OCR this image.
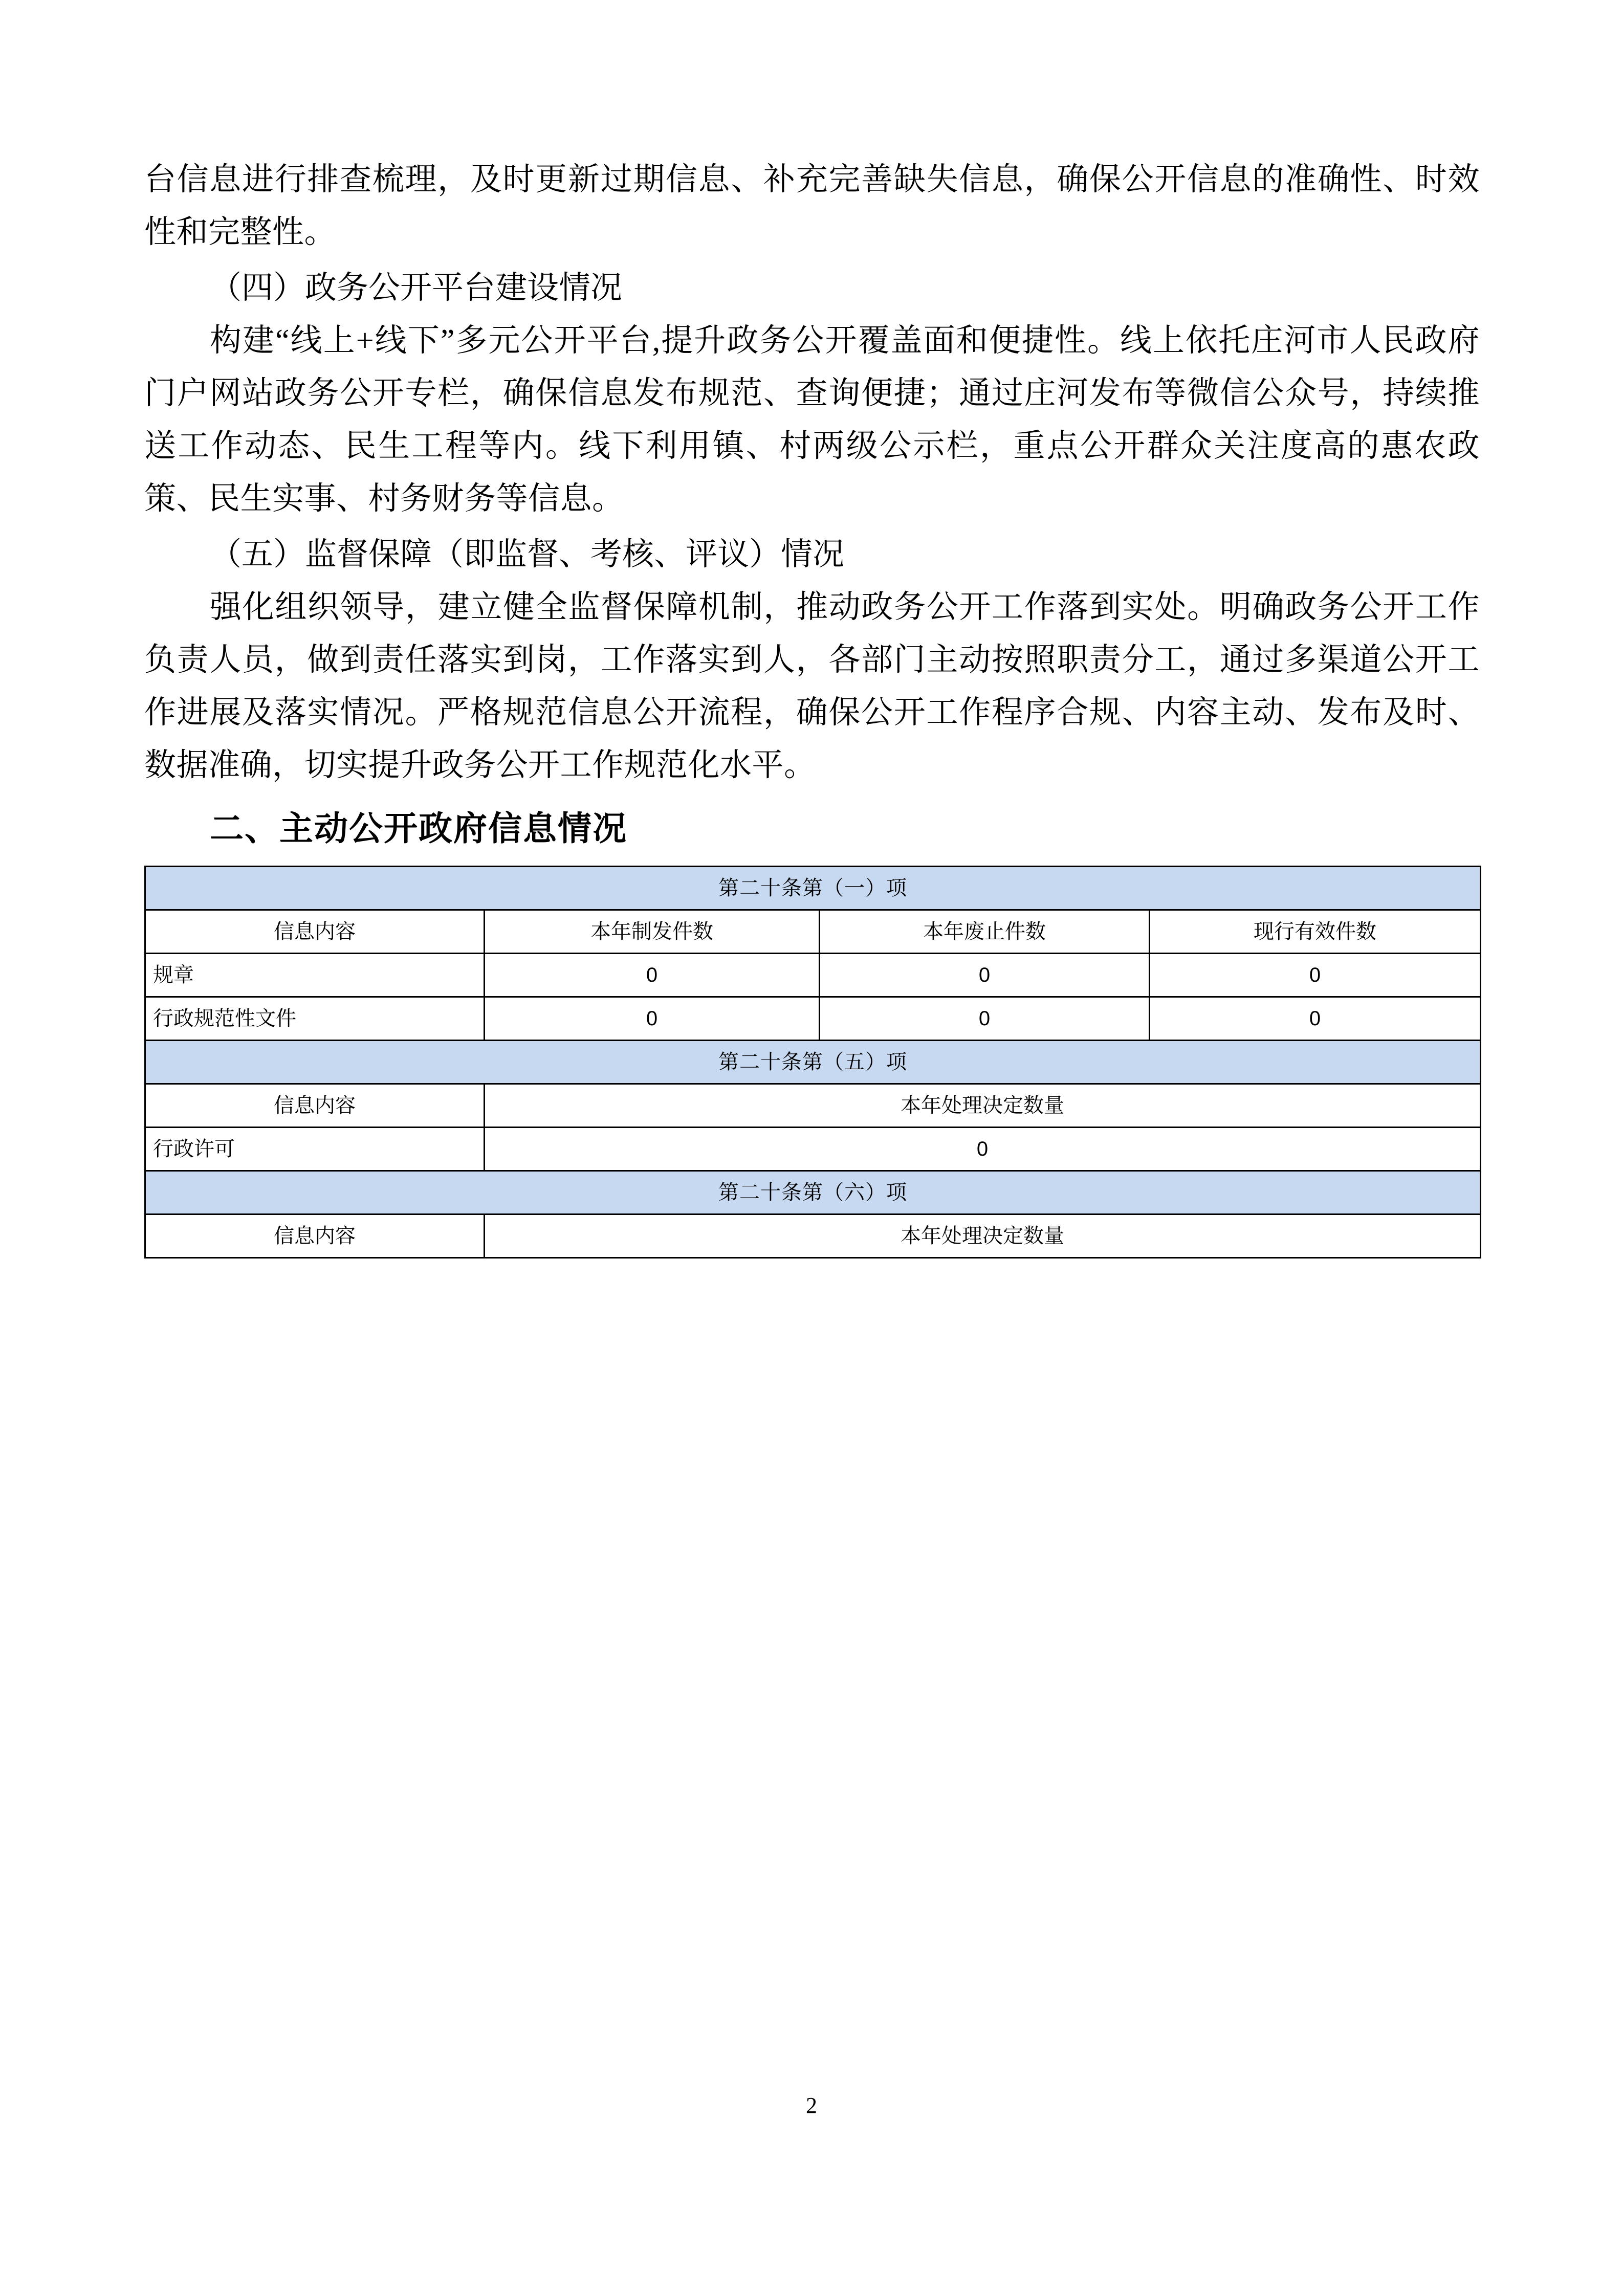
台信息进行排查梳理，及时更新过期信息、补充完善缺失信息，确保公开信息的准确性、时效性和完整性。

（四）政务公开平台建设情况

构建“线上+线下”多元公开平台,提升政务公开覆盖面和便捷性。线上依托庄河市人民政府门户网站政务公开专栏，确保信息发布规范、查询便捷；通过庄河发布等微信公众号，持续推送工作动态、民生工程等内。线下利用镇、村两级公示栏，重点公开群众关注度高的惠农政策、民生实事、村务财务等信息。

（五）监督保障（即监督、考核、评议）情况

强化组织领导，建立健全监督保障机制，推动政务公开工作落到实处。明确政务公开工作负责人员，做到责任落实到岗，工作落实到人，各部门主动按照职责分工，通过多渠道公开工作进展及落实情况。严格规范信息公开流程，确保公开工作程序合规、内容主动、发布及时、数据准确，切实提升政务公开工作规范化水平。

二、主动公开政府信息情况

第二十条第（一）项			
信息内容	本年制发件数	本年废止件数	现行有效件数
规章	0	0	0
行政规范性文件	0	0	0
第二十条第（五）项			
信息内容	本年处理决定数量		
行政许可	0		
第二十条第（六）项			
信息内容	本年处理决定数量		
2
